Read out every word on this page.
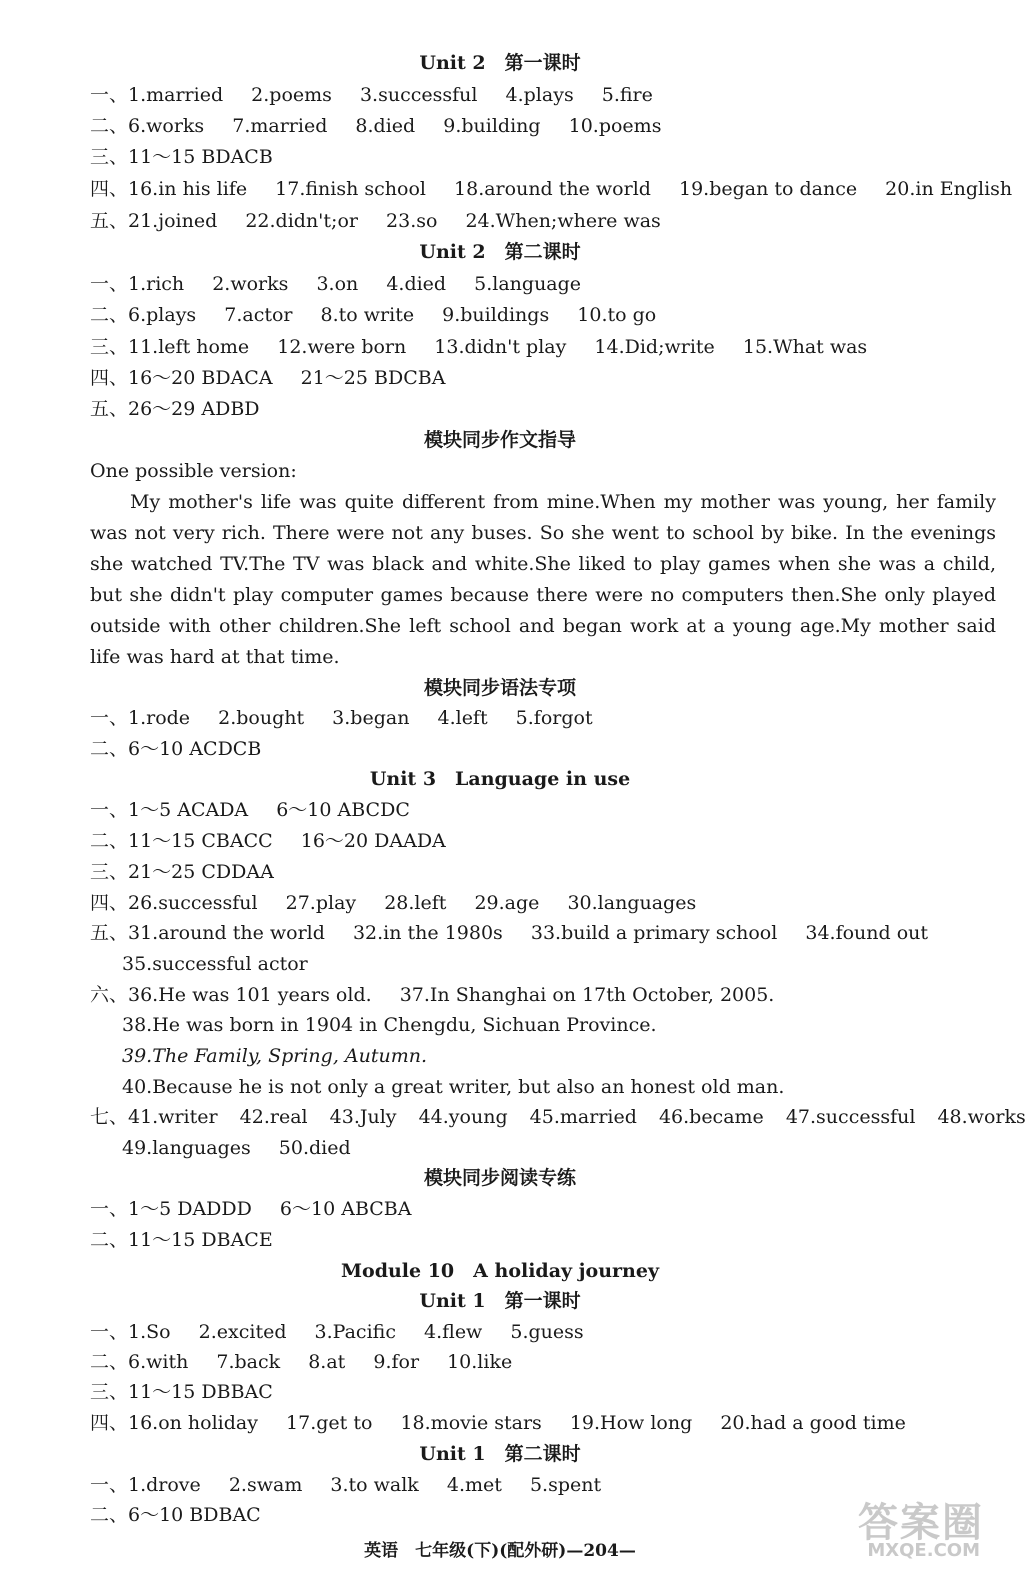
Unit 2　第一课时
一、1.married 2.poems 3.successful 4.plays 5.fire
二、6.works 7.married 8.died 9.building 10.poems
三、11～15 BDACB
四、16.in his life 17.finish school 18.around the world 19.began to dance 20.in English
五、21.joined 22.didn't;or 23.so 24.When;where was
Unit 2　第二课时
一、1.rich 2.works 3.on 4.died 5.language
二、6.plays 7.actor 8.to write 9.buildings 10.to go
三、11.left home 12.were born 13.didn't play 14.Did;write 15.What was
四、16～20 BDACA 21～25 BDCBA
五、26～29 ADBD
模块同步作文指导
One possible version:
My mother's life was quite different from mine.When my mother was young, her family was not very rich. There were not any buses. So she went to school by bike. In the evenings she watched TV.The TV was black and white.She liked to play games when she was a child, but she didn't play computer games because there were no computers then.She only played outside with other children.She left school and began work at a young age.My mother said life was hard at that time.
模块同步语法专项
一、1.rode 2.bought 3.began 4.left 5.forgot
二、6～10 ACDCB
Unit 3　Language in use
一、1～5 ACADA 6～10 ABCDC
二、11～15 CBACC 16～20 DAADA
三、21～25 CDDAA
四、26.successful 27.play 28.left 29.age 30.languages
五、31.around the world 32.in the 1980s 33.build a primary school 34.found out
35.successful actor
六、36.He was 101 years old. 37.In Shanghai on 17th October, 2005.
38.He was born in 1904 in Chengdu, Sichuan Province.
39.The Family, Spring, Autumn.
40.Because he is not only a great writer, but also an honest old man.
七、41.writer 42.real 43.July 44.young 45.married 46.became 47.successful 48.works
49.languages 50.died
模块同步阅读专练
一、1～5 DADDD 6～10 ABCBA
二、11～15 DBACE
Module 10　A holiday journey
Unit 1　第一课时
一、1.So 2.excited 3.Pacific 4.flew 5.guess
二、6.with 7.back 8.at 9.for 10.like
三、11～15 DBBAC
四、16.on holiday 17.get to 18.movie stars 19.How long 20.had a good time
Unit 1　第二课时
一、1.drove 2.swam 3.to walk 4.met 5.spent
二、6～10 BDBAC
英语　七年级(下)(配外研)—204—
答案圈
MXQE.COM
